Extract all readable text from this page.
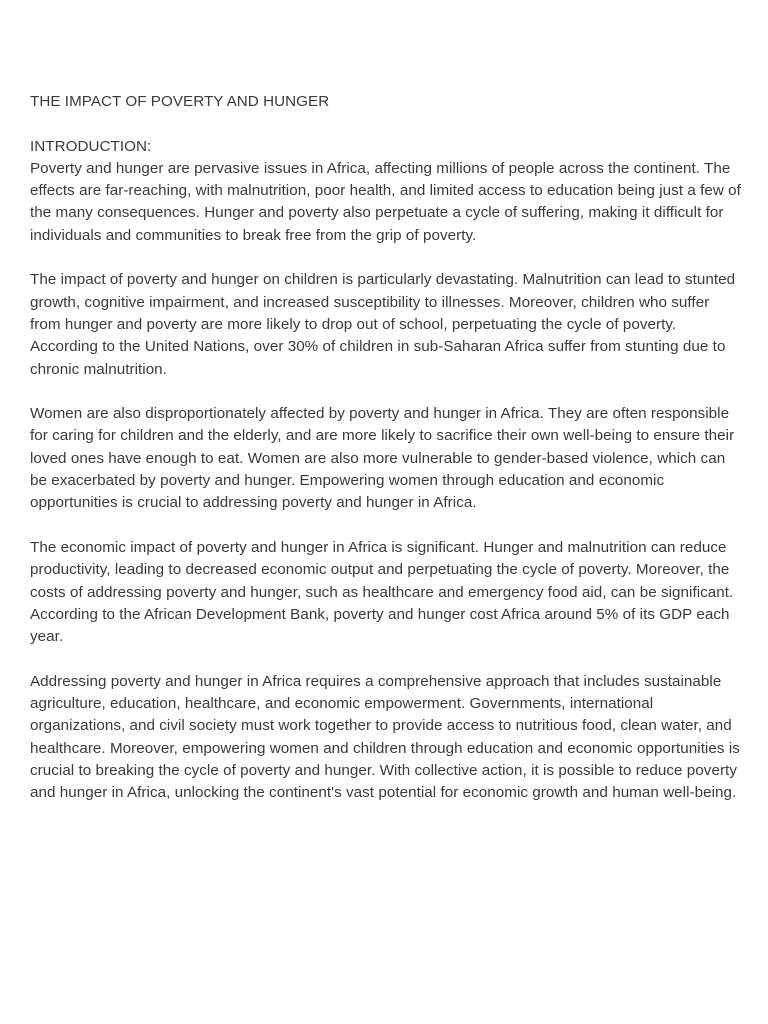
THE IMPACT OF POVERTY AND HUNGER

INTRODUCTION:

Poverty and hunger are pervasive issues in Africa, affecting millions of people across the continent. The effects are far-reaching, with malnutrition, poor health, and limited access to education being just a few of the many consequences. Hunger and poverty also perpetuate a cycle of suffering, making it difficult for individuals and communities to break free from the grip of poverty.

The impact of poverty and hunger on children is particularly devastating. Malnutrition can lead to stunted growth, cognitive impairment, and increased susceptibility to illnesses. Moreover, children who suffer from hunger and poverty are more likely to drop out of school, perpetuating the cycle of poverty. According to the United Nations, over 30% of children in sub-Saharan Africa suffer from stunting due to chronic malnutrition.

Women are also disproportionately affected by poverty and hunger in Africa. They are often responsible for caring for children and the elderly, and are more likely to sacrifice their own well-being to ensure their loved ones have enough to eat. Women are also more vulnerable to gender-based violence, which can be exacerbated by poverty and hunger. Empowering women through education and economic opportunities is crucial to addressing poverty and hunger in Africa.

The economic impact of poverty and hunger in Africa is significant. Hunger and malnutrition can reduce productivity, leading to decreased economic output and perpetuating the cycle of poverty. Moreover, the costs of addressing poverty and hunger, such as healthcare and emergency food aid, can be significant. According to the African Development Bank, poverty and hunger cost Africa around 5% of its GDP each year.

Addressing poverty and hunger in Africa requires a comprehensive approach that includes sustainable agriculture, education, healthcare, and economic empowerment. Governments, international organizations, and civil society must work together to provide access to nutritious food, clean water, and healthcare. Moreover, empowering women and children through education and economic opportunities is crucial to breaking the cycle of poverty and hunger. With collective action, it is possible to reduce poverty and hunger in Africa, unlocking the continent's vast potential for economic growth and human well-being.
